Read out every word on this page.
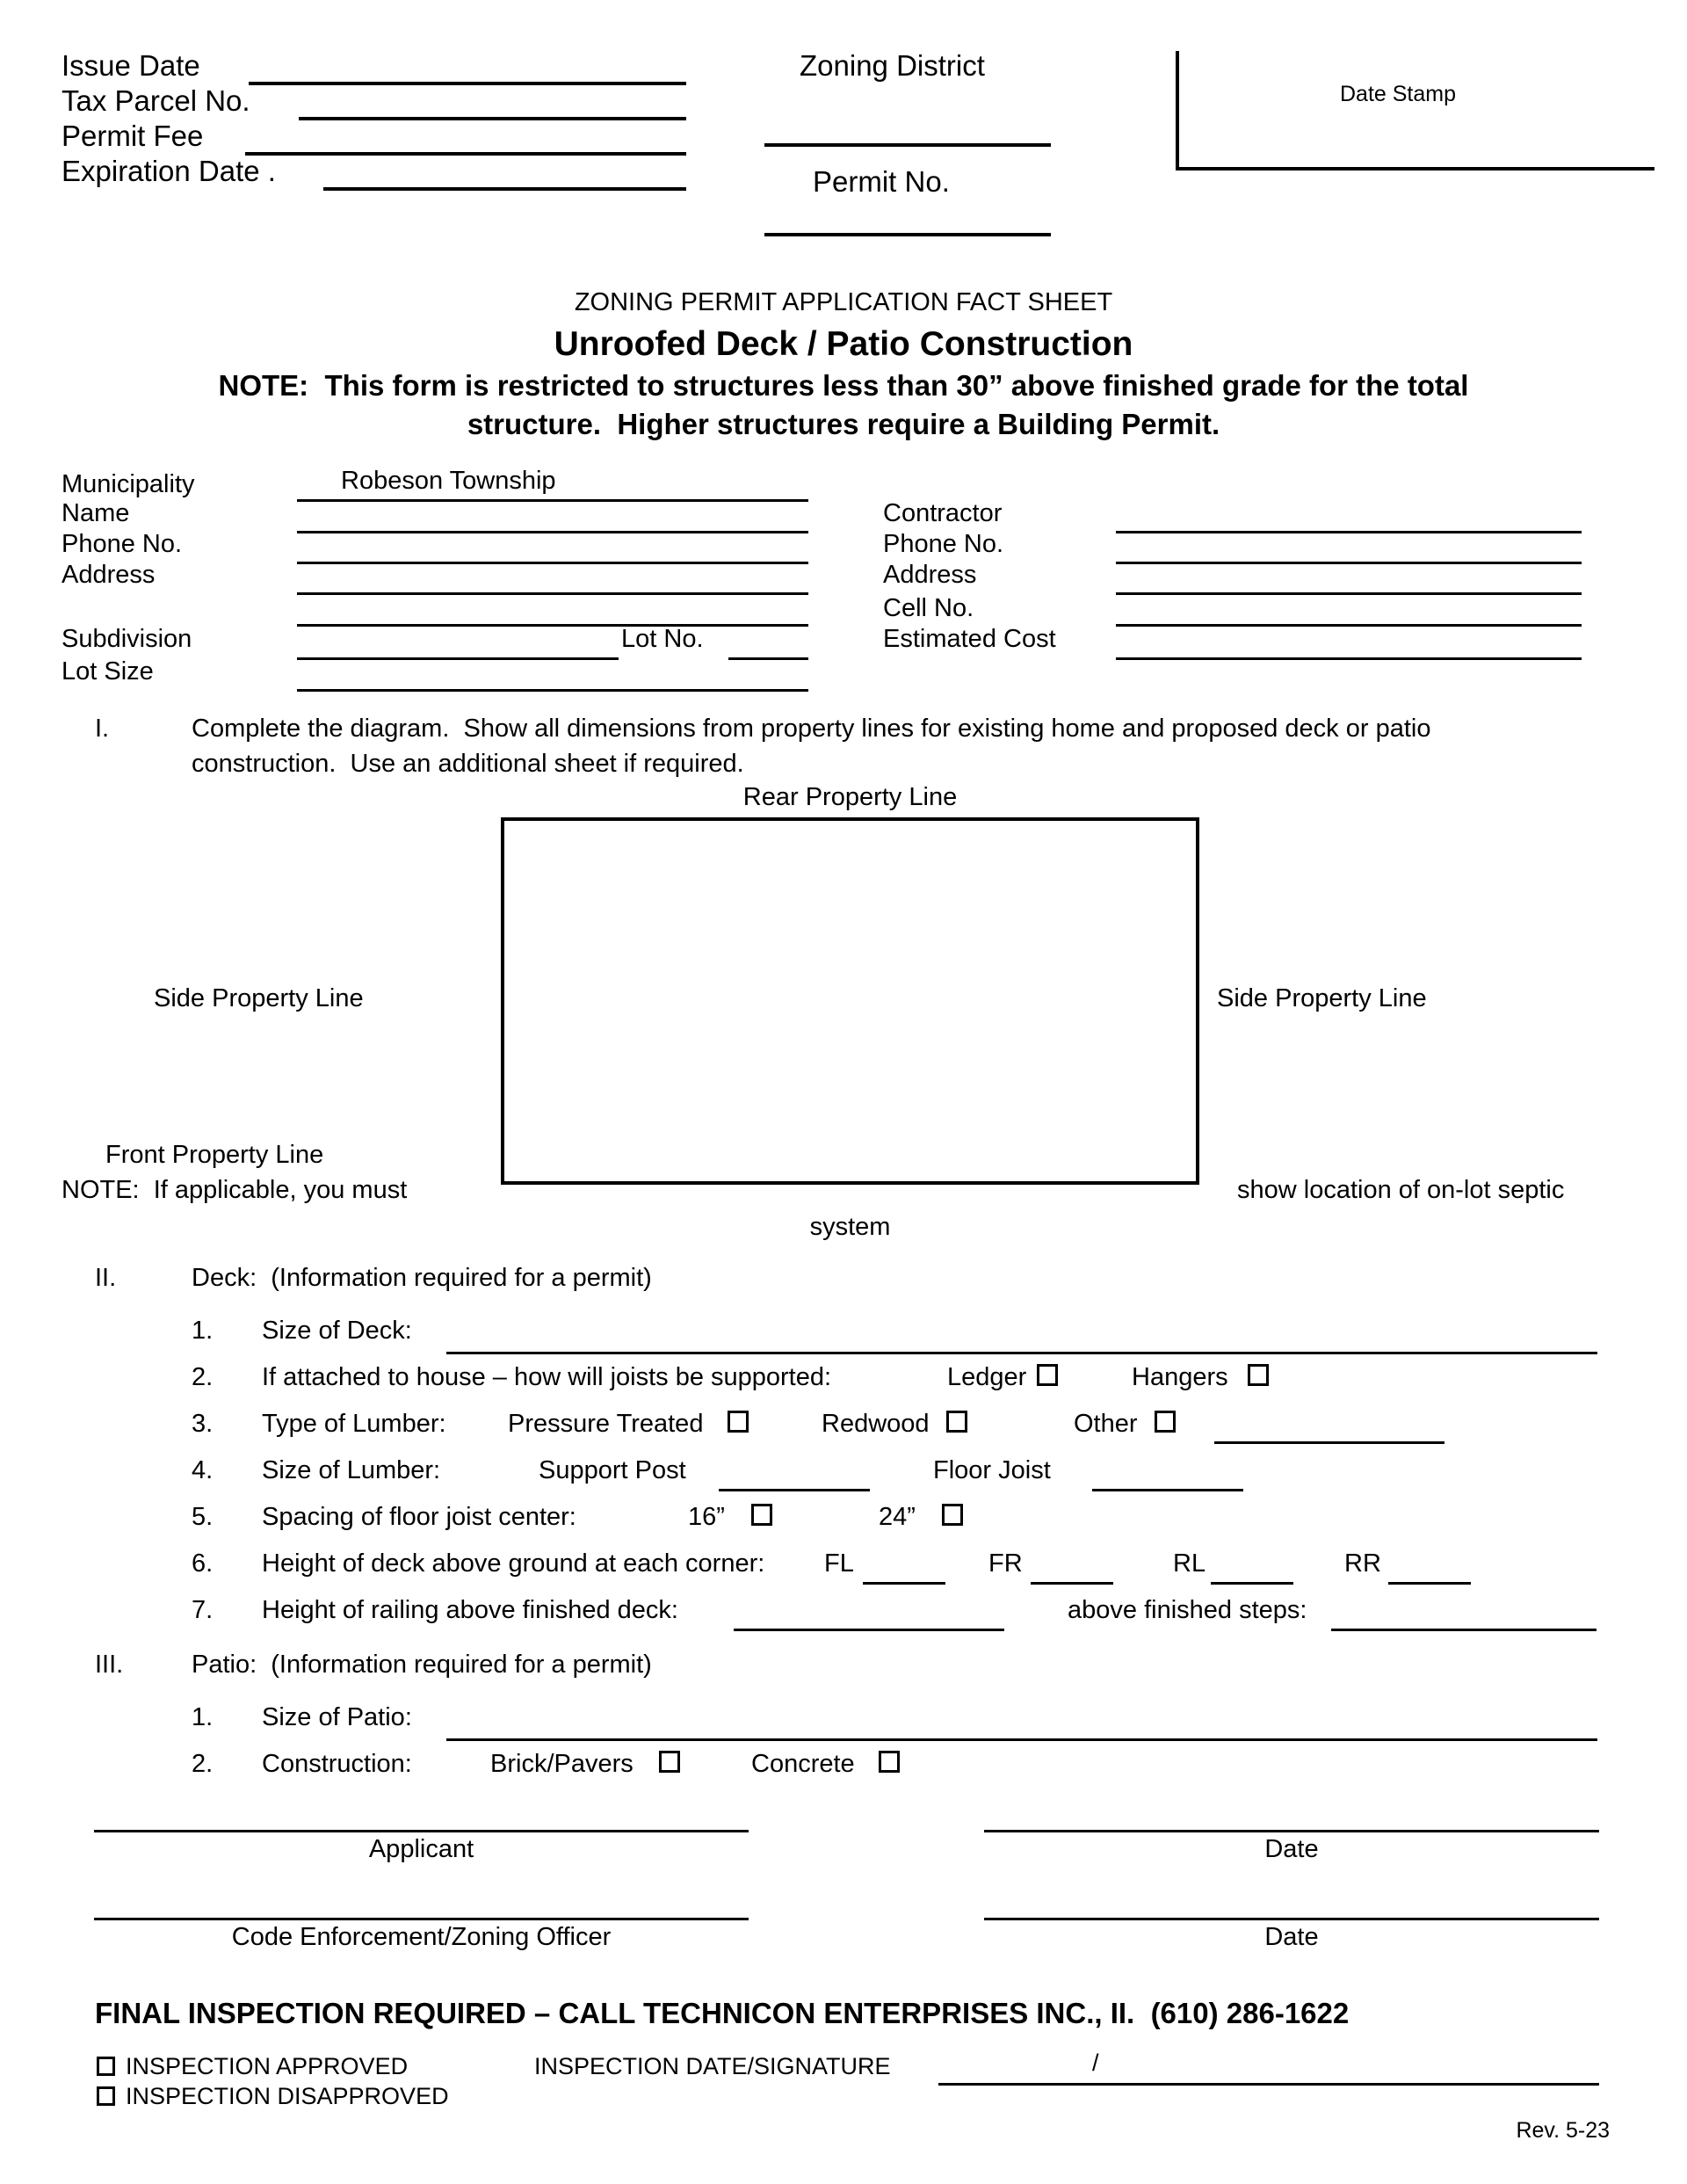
Issue Date
Tax Parcel No.
Permit Fee
Expiration Date .
Zoning District
Permit No.
Date Stamp
ZONING PERMIT APPLICATION FACT SHEET
Unroofed Deck / Patio Construction
NOTE:  This form is restricted to structures less than 30” above finished grade for the total
structure.  Higher structures require a Building Permit.
Municipality	Robeson Township
Name
Phone No.
Address
Subdivision	Lot No.
Lot Size
Contractor
Phone No.
Address
Cell No.
Estimated Cost
I.	Complete the diagram.  Show all dimensions from property lines for existing home and proposed deck or patio
construction.  Use an additional sheet if required.
Rear Property Line
Side Property Line	Side Property Line
Front Property Line
NOTE:  If applicable, you must	show location of on-lot septic
system
II.	Deck:  (Information required for a permit)
1. Size of Deck:
2. If attached to house – how will joists be supported:	Ledger	Hangers
3. Type of Lumber: Pressure Treated	Redwood	Other
4. Size of Lumber:	Support Post	Floor Joist
5. Spacing of floor joist center:	16”	24”
6. Height of deck above ground at each corner: FL	FR	RL	RR
7. Height of railing above finished deck:	above finished steps:
III.	Patio:  (Information required for a permit)
1. Size of Patio:
2. Construction:	Brick/Pavers	Concrete
Applicant	Date
Code Enforcement/Zoning Officer	Date
FINAL INSPECTION REQUIRED – CALL TECHNICON ENTERPRISES INC., II.  (610) 286-1622
INSPECTION APPROVED
INSPECTION DISAPPROVED
INSPECTION DATE/SIGNATURE	/
Rev. 5-23
